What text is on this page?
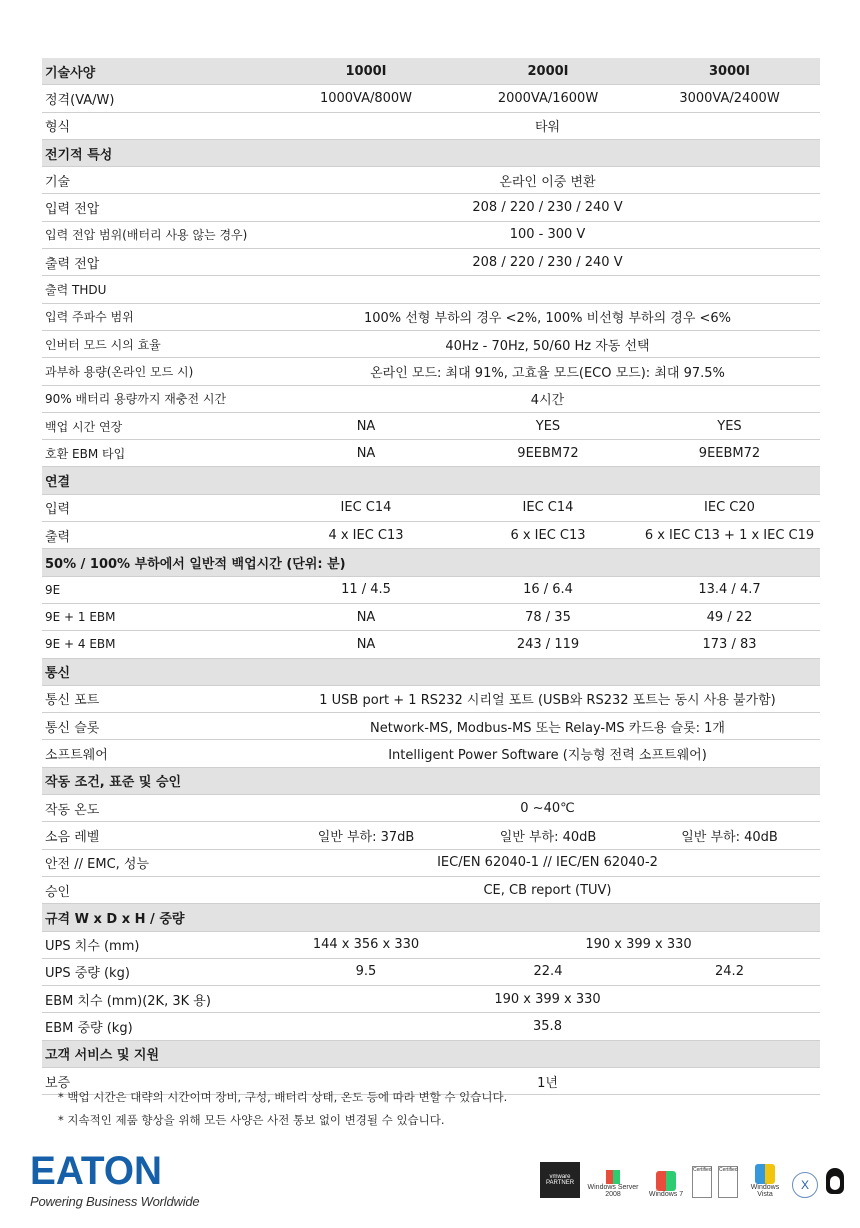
기술사양	1000I	2000I	3000I
정격(VA/W)	1000VA/800W	2000VA/1600W	3000VA/2400W
형식	타워		
전기적 특성			
기술	온라인 이중 변환		
입력 전압	208 / 220 / 230 / 240 V		
입력 전압 범위(배터리 사용 않는 경우)	100 - 300 V		
출력 전압	208 / 220 / 230 / 240 V		
출력 THDU			
입력 주파수 범위	100% 선형 부하의 경우 <2%, 100% 비선형 부하의 경우 <6%		
인버터 모드 시의 효율	40Hz - 70Hz, 50/60 Hz 자동 선택		
과부하 용량(온라인 모드 시)	온라인 모드: 최대 91%, 고효율 모드(ECO 모드): 최대 97.5%		
90% 배터리 용량까지 재충전 시간	4시간		
백업 시간 연장	NA	YES	YES
호환 EBM 타입	NA	9EEBM72	9EEBM72
연결			
입력	IEC C14	IEC C14	IEC C20
출력	4 x IEC C13	6 x IEC C13	6 x IEC C13 + 1 x IEC C19
50% / 100% 부하에서 일반적 백업시간 (단위: 분)			
9E	11 / 4.5	16 / 6.4	13.4 / 4.7
9E + 1 EBM	NA	78 / 35	49 / 22
9E + 4 EBM	NA	243 / 119	173 / 83
통신			
통신 포트	1 USB port + 1 RS232 시리얼 포트 (USB와 RS232 포트는 동시 사용 불가함)		
통신 슬롯	Network-MS, Modbus-MS 또는 Relay-MS 카드용 슬롯: 1개		
소프트웨어	Intelligent Power Software (지능형 전력 소프트웨어)		
작동 조건, 표준 및 승인			
작동 온도	0 ~40℃		
소음 레벨	일반 부하: 37dB	일반 부하: 40dB	일반 부하: 40dB
안전 // EMC, 성능	IEC/EN 62040-1 // IEC/EN 62040-2		
승인	CE, CB report (TUV)		
규격 W x D x H / 중량			
UPS 치수 (mm)	144 x 356 x 330	190 x 399 x 330	
UPS 중량 (kg)	9.5	22.4	24.2
EBM 치수 (mm)(2K, 3K 용)	190 x 399 x 330		
EBM 중량 (kg)	35.8		
고객 서비스 및 지원			
보증	1년		
* 백업 시간은 대략의 시간이며 장비, 구성, 배터리 상태, 온도 등에 따라 변할 수 있습니다.
* 지속적인 제품 향상을 위해 모든 사양은 사전 통보 없이 변경될 수 있습니다.
EATON
Powering Business Worldwide
vmware PARTNER
Windows Server 2008	Windows 7
Certified Certified
Windows Vista
X
